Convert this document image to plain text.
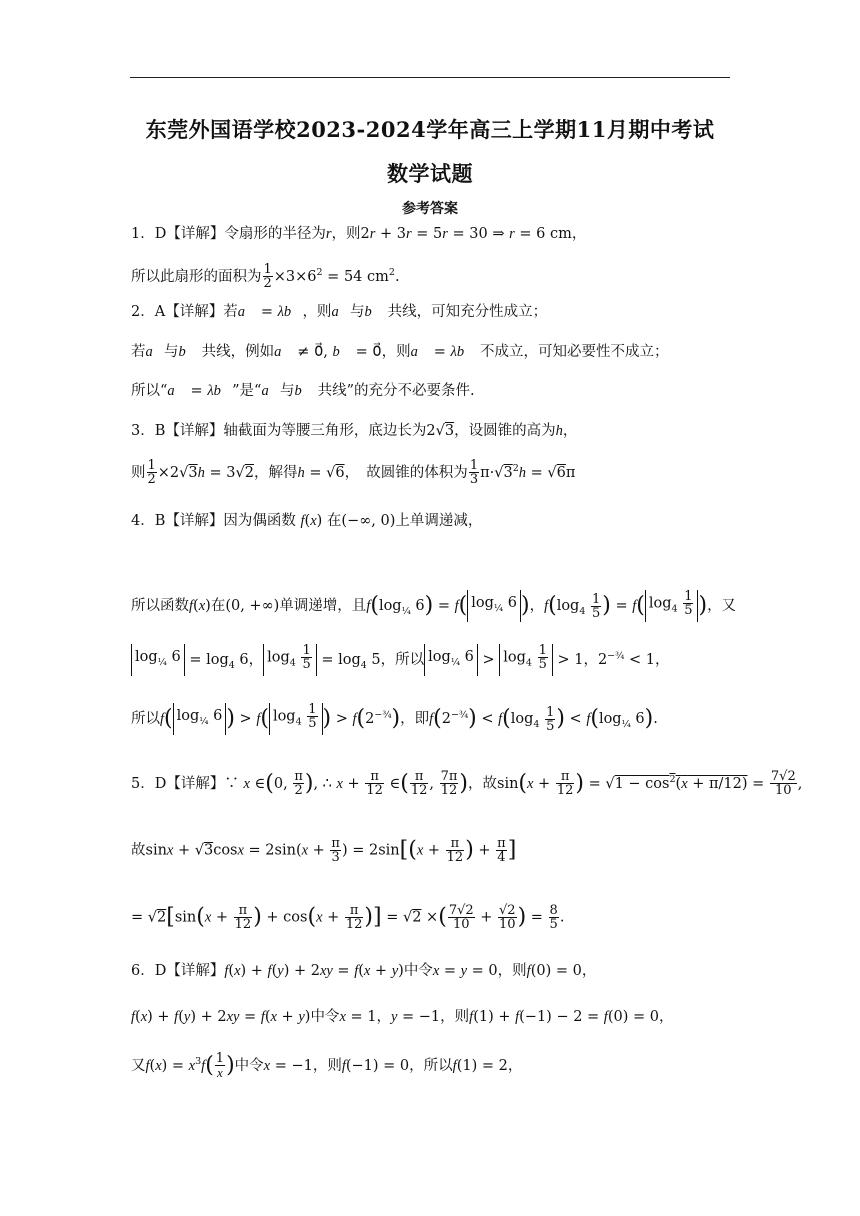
东莞外国语学校2023-2024学年高三上学期11月期中考试
数学试题
参考答案
1．D【详解】令扇形的半径为r，则2r + 3r = 5r = 30 ⇒ r = 6 cm，
所以此扇形的面积为 $\frac{1}{2} \times 3\times 6^2 = 54$ $cm^2$.
2．A【详解】若a⃗ = λb⃗，则a⃗与b⃗ 共线，可知充分性成立；
若a⃗与b⃗ 共线，例如a⃗ ≠ 0⃗, b⃗ = 0⃗，则a⃗ = λb⃗ 不成立，可知必要性不成立；
所以“a⃗ = λb⃗”是“a⃗与b⃗ 共线”的充分不必要条件.
3．B【详解】轴截面为等腰三角形，底边长为2√3，设圆锥的高为h，
则 $\frac{1}{2} \times 2√3h = 3√2$，解得h = √6，　故圆锥的体积为 $\frac{1}{3} \pi\cdot√3^2h = √6\pi$
4．B【详解】因为偶函数 f(x) 在(−∞, 0)上单调递减，
所以函数f(x)在(0, +∞)单调递增，且$f(\log_{\frac{1}{4}}$ 6) = f( $\log_{\frac{1}{4}} 6$ )，$f(\log_4 \frac{1}{5}$ ) = f( $\log_4 \frac{1}{5}$ )，又
$\log_{\frac{1}{4}} 6 = \log_4 6$， $\log_4 \frac{1}{5} = \log_4 5$，所以 $\log_{\frac{1}{4}} 6 > \log_4 \frac{1}{5} > 1$，$2^{-\frac{3}{4}} < 1$，
所以f( $\log_{\frac{1}{4}} 6$ ) > f( $\log_4 \frac{1}{5}$ ) > $f(2^{-\frac{3}{4}})$，即$f(2^{-\frac{3}{4}}) < f(\log_4 \frac{1}{5}$ ) < $f(\log_{\frac{1}{4}}$ 6).
5．D【详解】∵ x ∈(0, $\frac{\pi}{2}$ ), ∴ $x + \frac{\pi}{12}$ ∈( $\frac{\pi}{12}$ , $\frac{7\pi}{12}$ )，故$\sin(x + \frac{\pi}{12}$ ) = $√1 - \cos^2(x + \pi/12) = \frac{7√2}{10}$ ,
故$\sin x + √3\cos x = 2\sin(x + \frac{\pi}{3}$ ) = $2\sin[(x + \frac{\pi}{12}$ ) + $\frac{\pi}{4}$ ]
= $√2[\sin(x + \frac{\pi}{12}$ ) + $\cos(x + \frac{\pi}{12}$ )] = √2 ×( $\frac{7√2}{10} + \frac{√2}{10}$ ) = $\frac{8}{5}$ .
6．D【详解】f(x) + f(y) + 2xy = f(x + y)中令x = y = 0，则f(0) = 0，
f(x) + f(y) + 2xy = f(x + y)中令x = 1，y = −1，则f(1) + f(−1) − 2 = f(0) = 0，
又$f(x) = x^3f( \frac{1}{x}$ )中令x = −1，则f(−1) = 0，所以f(1) = 2，
